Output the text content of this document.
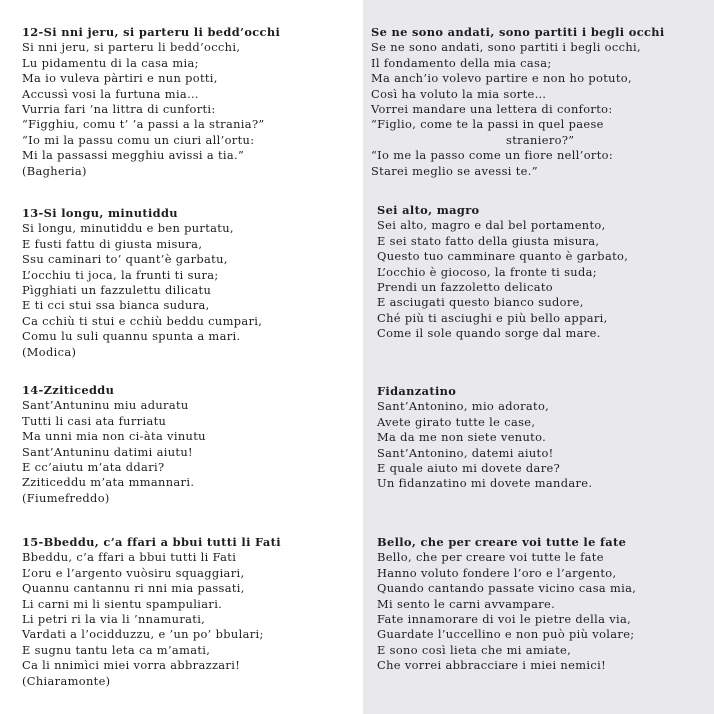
12-Si nni jeru, si parteru li bedd’occhi
Si nni jeru, si parteru li bedd’occhi,
Lu pidamentu di la casa mia;
Ma io vuleva pàrtiri e nun potti,
Accussì vosi la furtuna mia…
Vurria fari ’na littra di cunforti:
“Figghiu, comu t’ ’a passi a la strania?”
“Io mi la passu comu un ciuri all’ortu:
Mi la passassi megghiu avissi a tia.”
(Bagheria)
13-Si longu, minutiddu
Si longu, minutiddu e ben purtatu,
E fusti fattu di giusta misura,
Ssu caminari to’ quant’è garbatu,
L’occhiu ti joca, la frunti ti sura;
Pìgghiati un fazzulettu dilicatu
E ti cci stui ssa bianca sudura,
Ca cchiù ti stui e cchiù beddu cumpari,
Comu lu suli quannu spunta a mari.
(Modica)
14-Zziticeddu
Sant’Antuninu miu aduratu
Tutti li casi ata furriatu
Ma unni mia non ci-àta vinutu
Sant’Antuninu datimi aiutu!
E cc’aiutu m’ata ddari?
Zziticeddu m’ata mmannari.
(Fiumefreddo)
15-Bbeddu, c’a ffari a bbui tutti li Fati
Bbeddu, c’a ffari a bbui tutti li Fati
L’oru e l’argento vuòsiru squaggiari,
Quannu cantannu ri nni mia passati,
Li carni mi li sientu spampuliari.
Li petri ri la via li ’nnamurati,
Vardati a l’ocidduzzu, e ’un po’ bbulari;
E sugnu tantu leta ca m’amati,
Ca li nnimìci miei vorra abbrazzari!
(Chiaramonte)
Se ne sono andati, sono partiti i begli occhi
Se ne sono andati, sono partiti i begli occhi,
Il fondamento della mia casa;
Ma anch’io volevo partire e non ho potuto,
Così ha voluto la mia sorte…
Vorrei mandare una lettera di conforto:
“Figlio, come te la passi in quel paese
straniero?”
“Io me la passo come un fiore nell’orto:
Starei meglio se avessi te.”
Sei alto, magro
Sei alto, magro e dal bel portamento,
E sei stato fatto della giusta misura,
Questo tuo camminare quanto è garbato,
L’occhio è giocoso, la fronte ti suda;
Prendi un fazzoletto delicato
E asciugati questo bianco sudore,
Ché più ti asciughi e più bello appari,
Come il sole quando sorge dal mare.
Fidanzatino
Sant’Antonino, mio adorato,
Avete girato tutte le case,
Ma da me non siete venuto.
Sant’Antonino, datemi aiuto!
E quale aiuto mi dovete dare?
Un fidanzatino mi dovete mandare.
Bello, che per creare voi tutte le fate
Bello, che per creare voi tutte le fate
Hanno voluto fondere l’oro e l’argento,
Quando cantando passate vicino casa mia,
Mi sento le carni avvampare.
Fate innamorare di voi le pietre della via,
Guardate l’uccellino e non può più volare;
E sono così lieta che mi amiate,
Che vorrei abbracciare i miei nemici!
